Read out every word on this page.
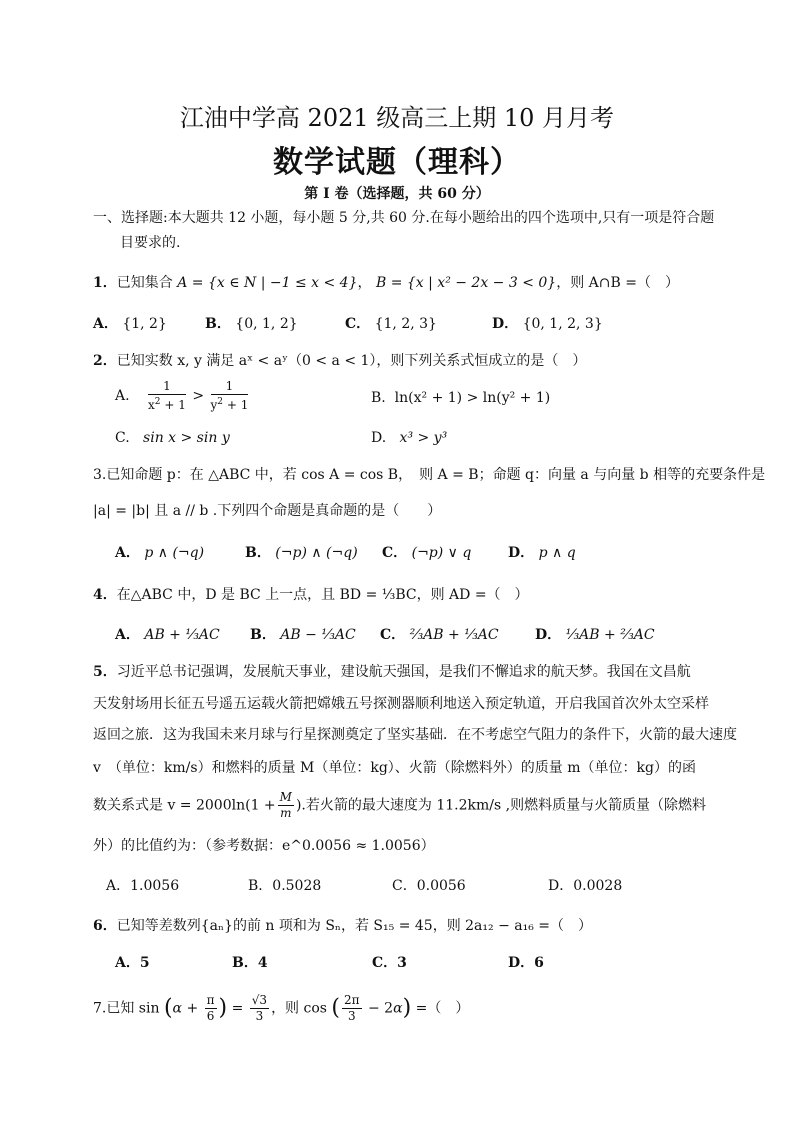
江油中学高 2021 级高三上期 10 月月考
数学试题（理科）
第 I 卷（选择题，共 60 分）
一、选择题:本大题共 12 小题，每小题 5 分,共 60 分.在每小题给出的四个选项中,只有一项是符合题
目要求的.
1．已知集合 A = {x ∈ N | −1 ≤ x < 4}， B = {x | x² − 2x − 3 < 0}，则 A∩B =（　）
A． {1, 2}	B． {0, 1, 2}	C． {1, 2, 3}	D． {0, 1, 2, 3}
2．已知实数 x, y 满足 aˣ < aʸ（0 < a < 1），则下列关系式恒成立的是（　）
A. $\frac{1}{x^2 + 1} > \frac{1}{y^2 + 1}$	B. ln(x² + 1) > ln(y² + 1)
C. sin x > sin y	D. x³ > y³
3.已知命题 p：在 △ABC 中，若 cos A = cos B，　则 A = B；命题 q：向量 a 与向量 b 相等的充要条件是
|a| = |b| 且 a // b .下列四个命题是真命题的是（　　）
A． p ∧ (¬q)	B． (¬p) ∧ (¬q) C． (¬p) ∨ q	D． p ∧ q
4．在△ABC 中，D 是 BC 上一点，且 BD = ⅓BC，则 AD =（　）
A． AB + ⅓AC B． AB − ⅓AC C． ⅔AB + ⅓AC	D． ⅓AB + ⅔AC
5．习近平总书记强调，发展航天事业，建设航天强国，是我们不懈追求的航天梦。我国在文昌航
天发射场用长征五号遥五运载火箭把嫦娥五号探测器顺利地送入预定轨道，开启我国首次外太空采样
返回之旅．这为我国未来月球与行星探测奠定了坚实基础．在不考虑空气阻力的条件下，火箭的最大速度
v　（单位：km/s）和燃料的质量 M（单位：kg）、火箭（除燃料外）的质量 m（单位：kg）的函
数关系式是 $v = 2000\ln(1 + \frac{M}{m}$ ).若火箭的最大速度为 11.2km/s ,则燃料质量与火箭质量（除燃料
外）的比值约为：（参考数据：e^0.0056 ≈ 1.0056）
A．1.0056	B．0.5028	C．0.0056	D．0.0028
6．已知等差数列{aₙ}的前 n 项和为 Sₙ，若 S₁₅ = 45，则 2a₁₂ − a₁₆ =（　）
A．5	B．4	C．3	D．6
7.已知 $\sin (\alpha + \frac{\pi}{6}$ ) = $\frac{√3}{3}$ ，则 cos ( $\frac{2\pi}{3} - 2\alpha$) =（　）
